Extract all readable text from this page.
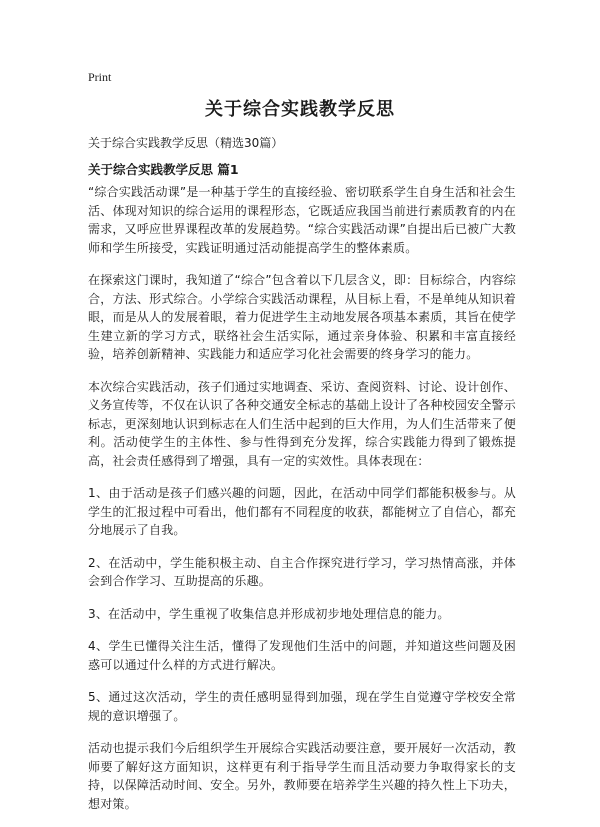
Print
关于综合实践教学反思
关于综合实践教学反思（精选30篇）
关于综合实践教学反思 篇1

“综合实践活动课”是一种基于学生的直接经验、密切联系学生自身生活和社会生活、体现对知识的综合运用的课程形态，它既适应我国当前进行素质教育的内在需求，又呼应世界课程改革的发展趋势。“综合实践活动课”自提出后已被广大教师和学生所接受，实践证明通过活动能提高学生的整体素质。

在探索这门课时，我知道了“综合”包含着以下几层含义，即：目标综合，内容综合，方法、形式综合。小学综合实践活动课程，从目标上看，不是单纯从知识着眼，而是从人的发展着眼，着力促进学生主动地发展各项基本素质，其旨在使学生建立新的学习方式，联络社会生活实际，通过亲身体验、积累和丰富直接经验，培养创新精神、实践能力和适应学习化社会需要的终身学习的能力。

本次综合实践活动，孩子们通过实地调查、采访、查阅资料、讨论、设计创作、义务宣传等，不仅在认识了各种交通安全标志的基础上设计了各种校园安全警示标志，更深刻地认识到标志在人们生活中起到的巨大作用，为人们生活带来了便利。活动使学生的主体性、参与性得到充分发挥，综合实践能力得到了锻炼提高，社会责任感得到了增强，具有一定的实效性。具体表现在：

1、由于活动是孩子们感兴趣的问题，因此，在活动中同学们都能积极参与。从学生的汇报过程中可看出，他们都有不同程度的收获，都能树立了自信心，都充分地展示了自我。

2、在活动中，学生能积极主动、自主合作探究进行学习，学习热情高涨，并体会到合作学习、互助提高的乐趣。

3、在活动中，学生重视了收集信息并形成初步地处理信息的能力。

4、学生已懂得关注生活，懂得了发现他们生活中的问题，并知道这些问题及困惑可以通过什么样的方式进行解决。

5、通过这次活动，学生的责任感明显得到加强，现在学生自觉遵守学校安全常规的意识增强了。

活动也提示我们今后组织学生开展综合实践活动要注意，要开展好一次活动，教师要了解好这方面知识，这样更有利于指导学生而且活动要力争取得家长的支持，以保障活动时间、安全。另外，教师要在培养学生兴趣的持久性上下功夫，想对策。
